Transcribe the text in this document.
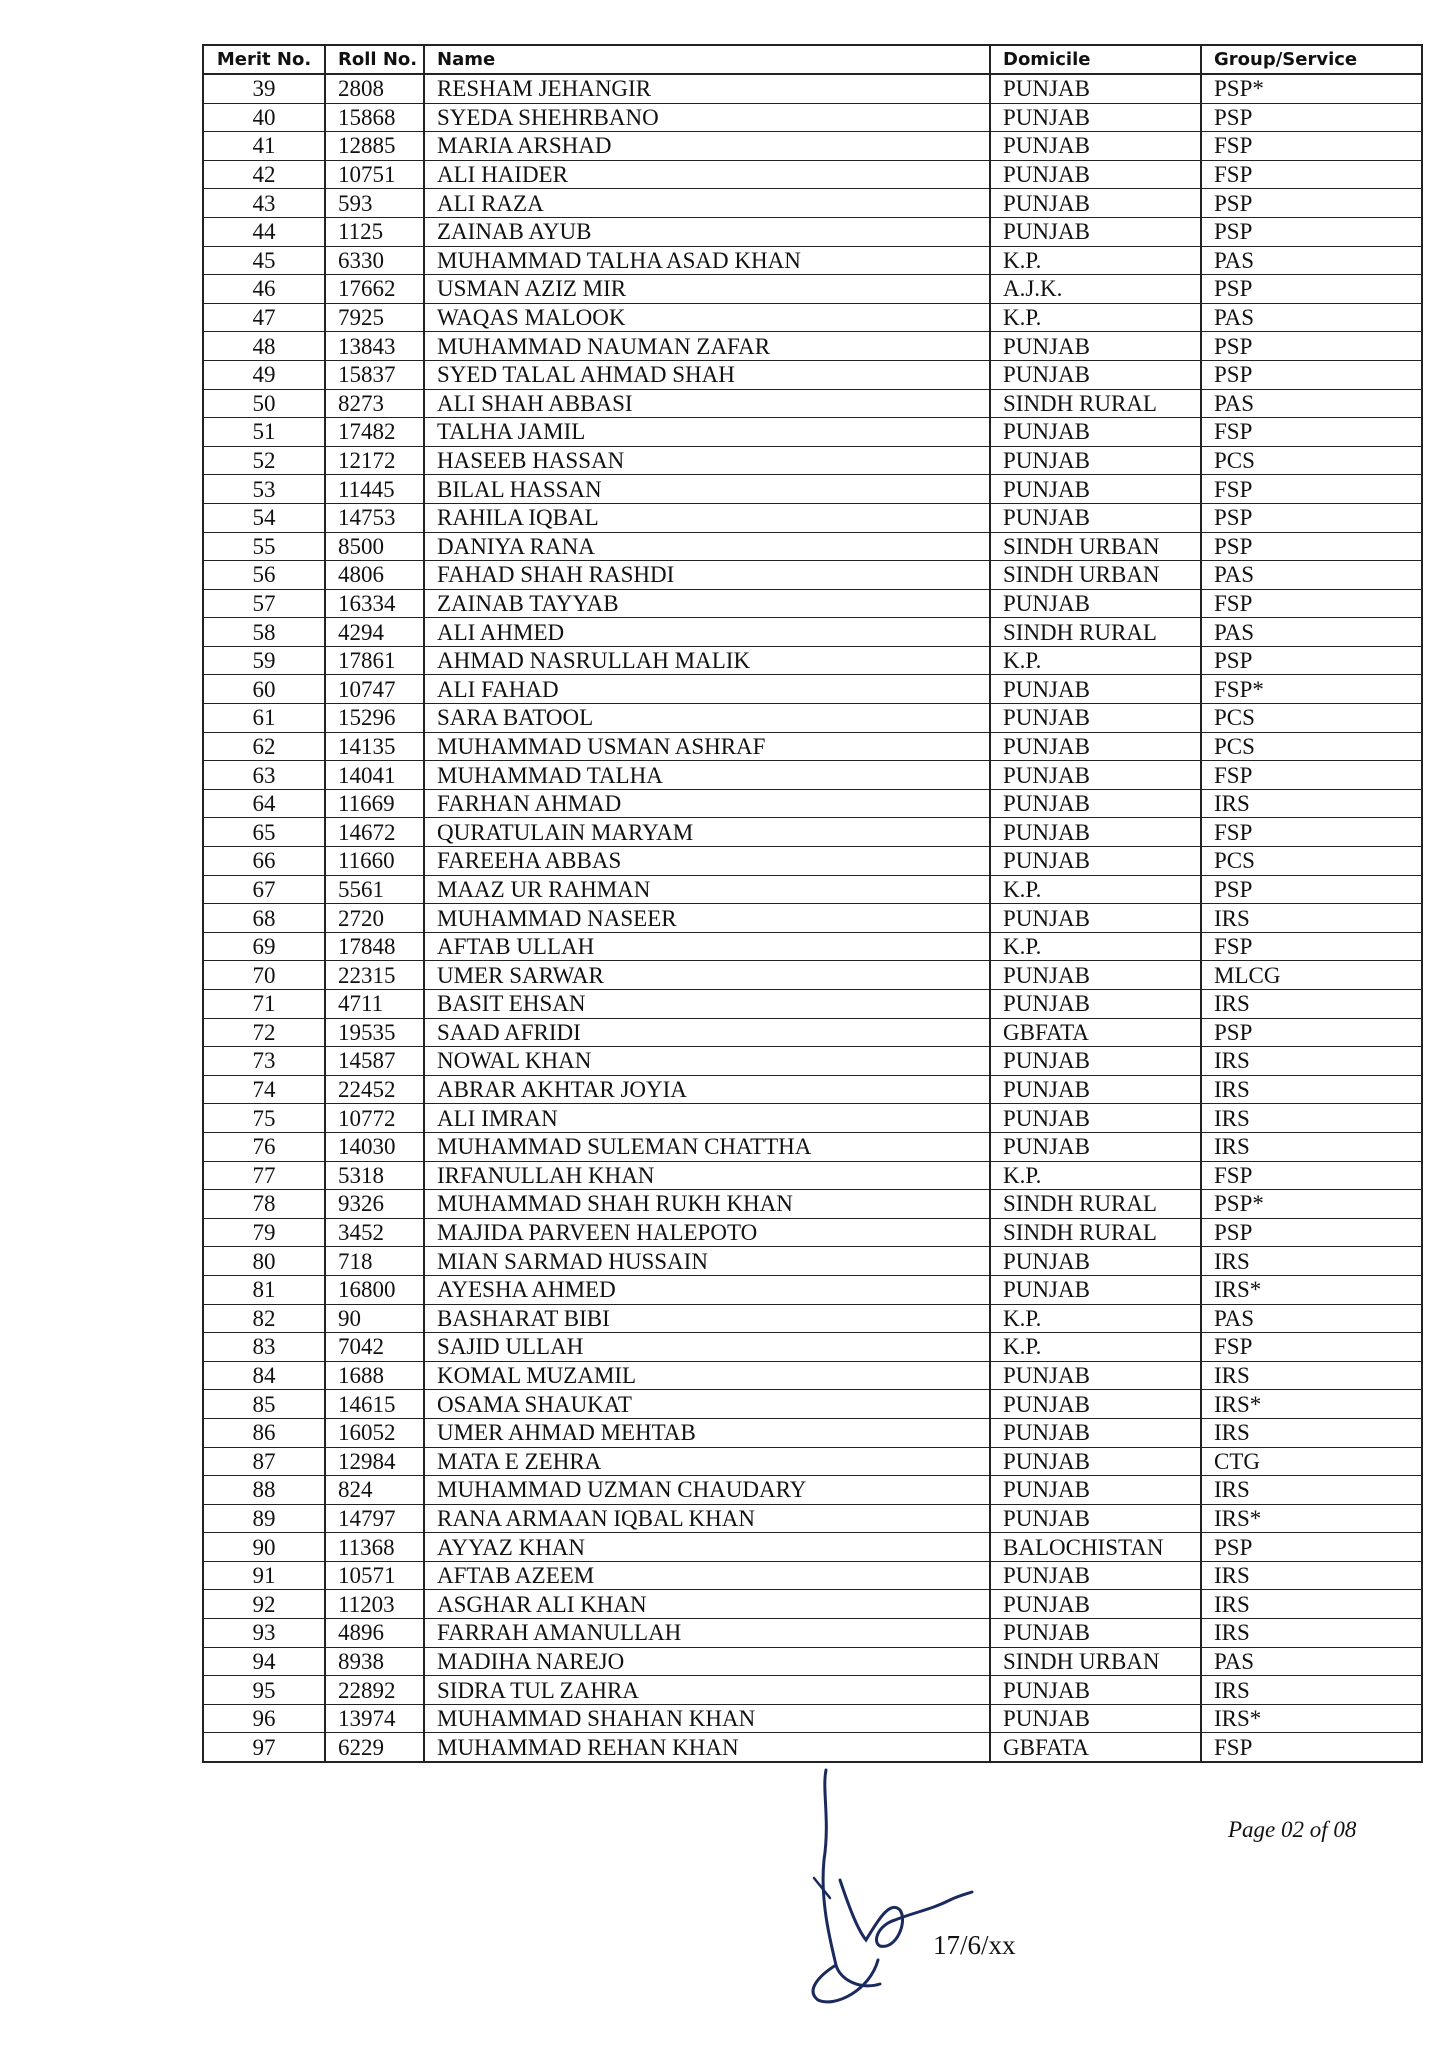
Merit No.	Roll No.	Name	Domicile	Group/Service
39	2808	RESHAM JEHANGIR	PUNJAB	PSP*
40	15868	SYEDA SHEHRBANO	PUNJAB	PSP
41	12885	MARIA ARSHAD	PUNJAB	FSP
42	10751	ALI HAIDER	PUNJAB	FSP
43	593	ALI RAZA	PUNJAB	PSP
44	1125	ZAINAB AYUB	PUNJAB	PSP
45	6330	MUHAMMAD TALHA ASAD KHAN	K.P.	PAS
46	17662	USMAN AZIZ MIR	A.J.K.	PSP
47	7925	WAQAS MALOOK	K.P.	PAS
48	13843	MUHAMMAD NAUMAN ZAFAR	PUNJAB	PSP
49	15837	SYED TALAL AHMAD SHAH	PUNJAB	PSP
50	8273	ALI SHAH ABBASI	SINDH RURAL	PAS
51	17482	TALHA JAMIL	PUNJAB	FSP
52	12172	HASEEB HASSAN	PUNJAB	PCS
53	11445	BILAL HASSAN	PUNJAB	FSP
54	14753	RAHILA IQBAL	PUNJAB	PSP
55	8500	DANIYA RANA	SINDH URBAN	PSP
56	4806	FAHAD SHAH RASHDI	SINDH URBAN	PAS
57	16334	ZAINAB TAYYAB	PUNJAB	FSP
58	4294	ALI AHMED	SINDH RURAL	PAS
59	17861	AHMAD NASRULLAH MALIK	K.P.	PSP
60	10747	ALI FAHAD	PUNJAB	FSP*
61	15296	SARA BATOOL	PUNJAB	PCS
62	14135	MUHAMMAD USMAN ASHRAF	PUNJAB	PCS
63	14041	MUHAMMAD TALHA	PUNJAB	FSP
64	11669	FARHAN AHMAD	PUNJAB	IRS
65	14672	QURATULAIN MARYAM	PUNJAB	FSP
66	11660	FAREEHA ABBAS	PUNJAB	PCS
67	5561	MAAZ UR RAHMAN	K.P.	PSP
68	2720	MUHAMMAD NASEER	PUNJAB	IRS
69	17848	AFTAB ULLAH	K.P.	FSP
70	22315	UMER SARWAR	PUNJAB	MLCG
71	4711	BASIT EHSAN	PUNJAB	IRS
72	19535	SAAD AFRIDI	GBFATA	PSP
73	14587	NOWAL KHAN	PUNJAB	IRS
74	22452	ABRAR AKHTAR JOYIA	PUNJAB	IRS
75	10772	ALI IMRAN	PUNJAB	IRS
76	14030	MUHAMMAD SULEMAN CHATTHA	PUNJAB	IRS
77	5318	IRFANULLAH KHAN	K.P.	FSP
78	9326	MUHAMMAD SHAH RUKH KHAN	SINDH RURAL	PSP*
79	3452	MAJIDA PARVEEN HALEPOTO	SINDH RURAL	PSP
80	718	MIAN SARMAD HUSSAIN	PUNJAB	IRS
81	16800	AYESHA AHMED	PUNJAB	IRS*
82	90	BASHARAT BIBI	K.P.	PAS
83	7042	SAJID ULLAH	K.P.	FSP
84	1688	KOMAL MUZAMIL	PUNJAB	IRS
85	14615	OSAMA SHAUKAT	PUNJAB	IRS*
86	16052	UMER AHMAD MEHTAB	PUNJAB	IRS
87	12984	MATA E ZEHRA	PUNJAB	CTG
88	824	MUHAMMAD UZMAN CHAUDARY	PUNJAB	IRS
89	14797	RANA ARMAAN IQBAL KHAN	PUNJAB	IRS*
90	11368	AYYAZ KHAN	BALOCHISTAN	PSP
91	10571	AFTAB AZEEM	PUNJAB	IRS
92	11203	ASGHAR ALI KHAN	PUNJAB	IRS
93	4896	FARRAH AMANULLAH	PUNJAB	IRS
94	8938	MADIHA NAREJO	SINDH URBAN	PAS
95	22892	SIDRA TUL ZAHRA	PUNJAB	IRS
96	13974	MUHAMMAD SHAHAN KHAN	PUNJAB	IRS*
97	6229	MUHAMMAD REHAN KHAN	GBFATA	FSP
Page 02 of 08
17/6/xx
